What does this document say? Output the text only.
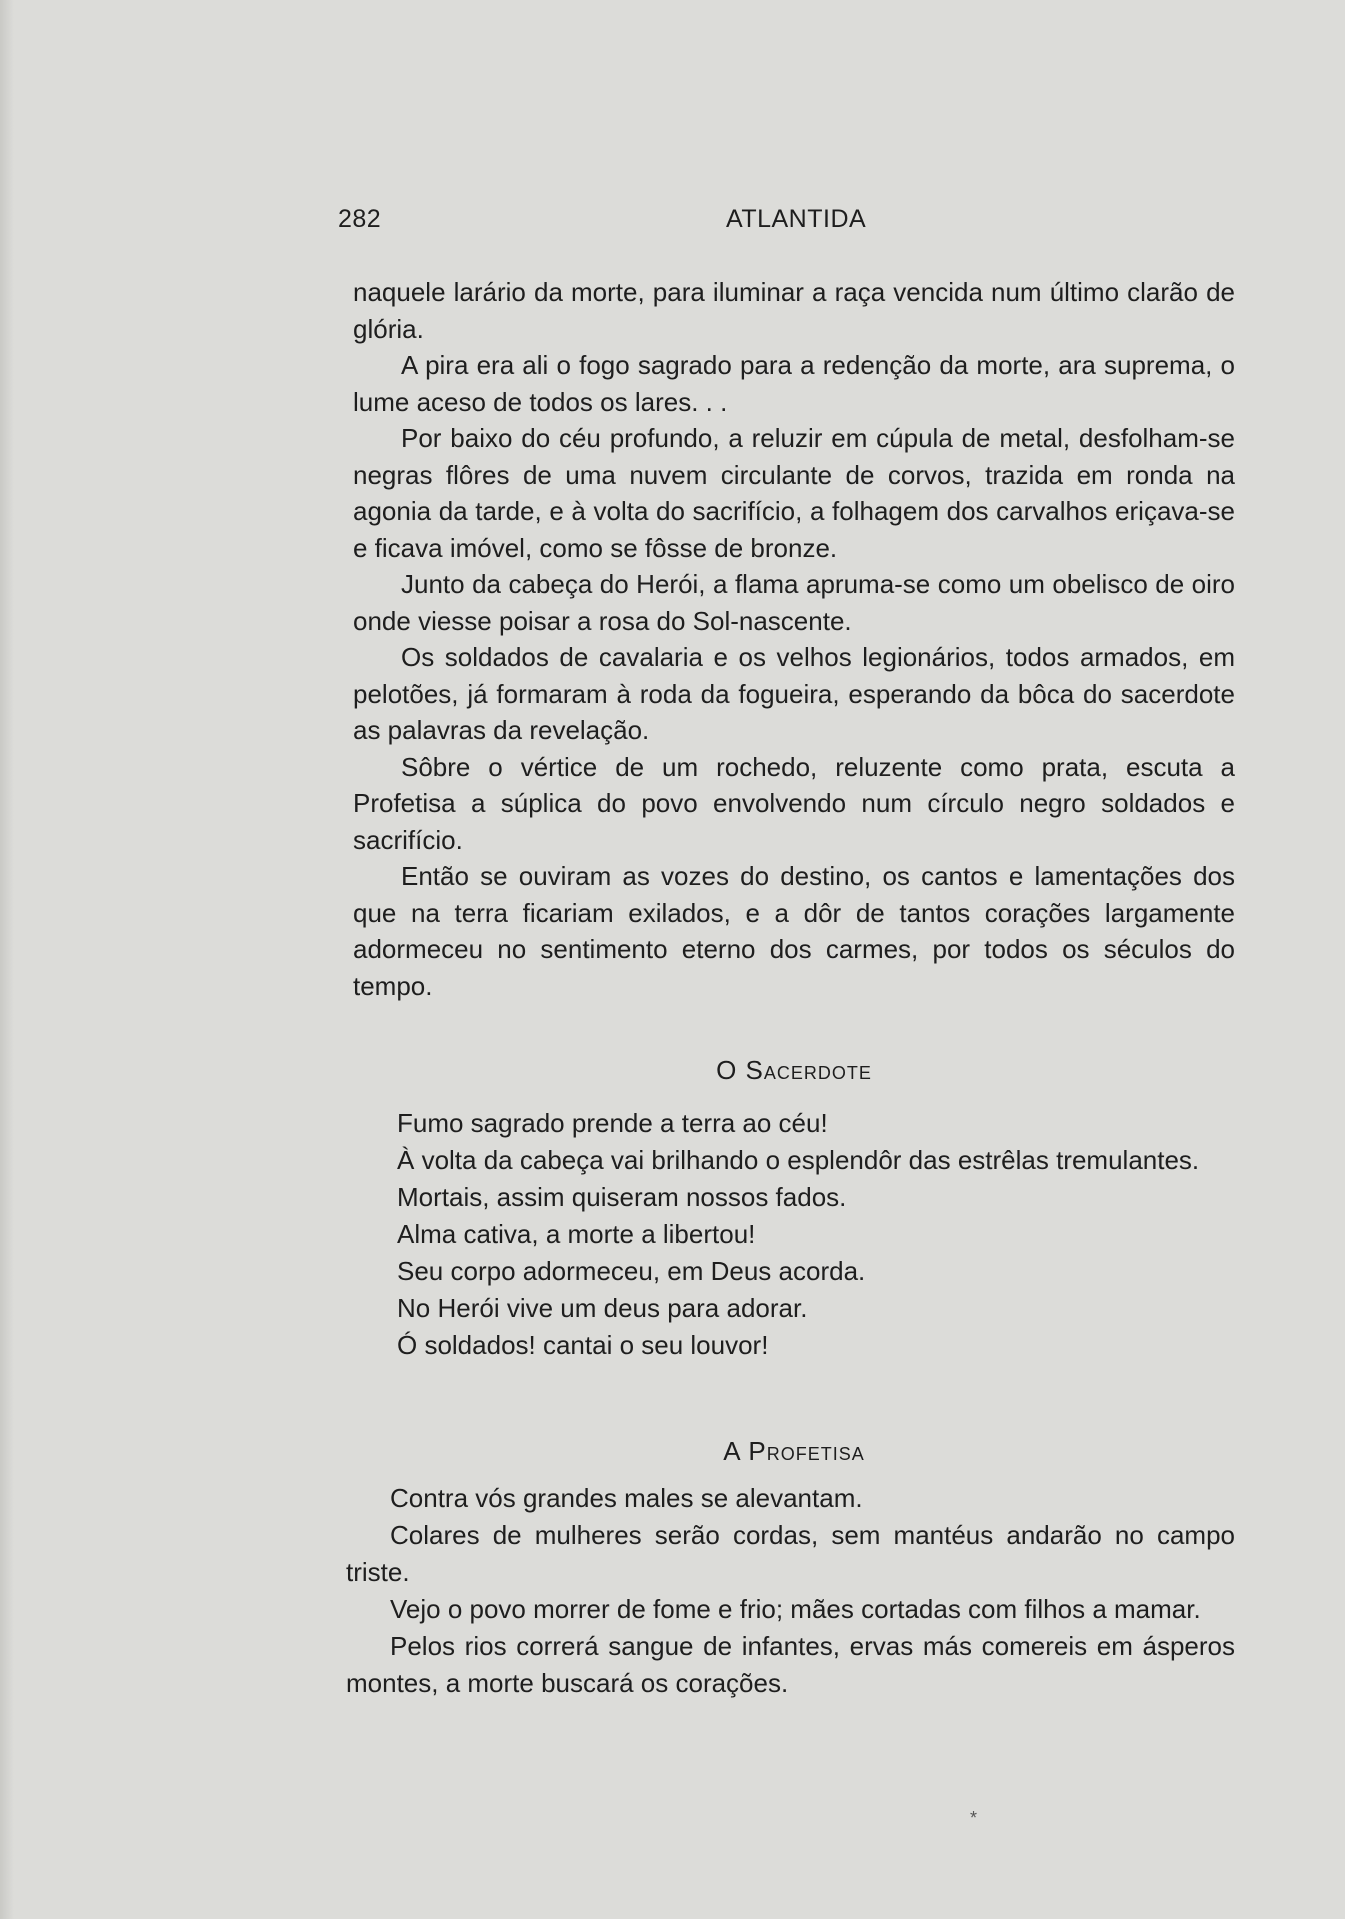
282	ATLANTIDA

naquele larário da morte, para iluminar a raça vencida num último clarão de glória.

A pira era ali o fogo sagrado para a redenção da morte, ara suprema, o lume aceso de todos os lares. . .

Por baixo do céu profundo, a reluzir em cúpula de metal, desfolham-se negras flôres de uma nuvem circulante de corvos, trazida em ronda na agonia da tarde, e à volta do sacrifício, a folhagem dos carvalhos eriçava-se e ficava imóvel, como se fôsse de bronze.

Junto da cabeça do Herói, a flama apruma-se como um obelisco de oiro onde viesse poisar a rosa do Sol-nascente.

Os soldados de cavalaria e os velhos legionários, todos armados, em pelotões, já formaram à roda da fogueira, esperando da bôca do sacerdote as palavras da revelação.

Sôbre o vértice de um rochedo, reluzente como prata, escuta a Profetisa a súplica do povo envolvendo num círculo negro soldados e sacrifício.

Então se ouviram as vozes do destino, os cantos e lamentações dos que na terra ficariam exilados, e a dôr de tantos corações largamente adormeceu no sentimento eterno dos carmes, por todos os séculos do tempo.

O Sacerdote

Fumo sagrado prende a terra ao céu!

À volta da cabeça vai brilhando o esplendôr das estrêlas tremulantes.

Mortais, assim quiseram nossos fados.

Alma cativa, a morte a libertou!

Seu corpo adormeceu, em Deus acorda.

No Herói vive um deus para adorar.

Ó soldados! cantai o seu louvor!

A Profetisa

Contra vós grandes males se alevantam.

Colares de mulheres serão cordas, sem mantéus andarão no campo triste.

Vejo o povo morrer de fome e frio; mães cortadas com filhos a mamar.

Pelos rios correrá sangue de infantes, ervas más comereis em ásperos montes, a morte buscará os corações.

*
